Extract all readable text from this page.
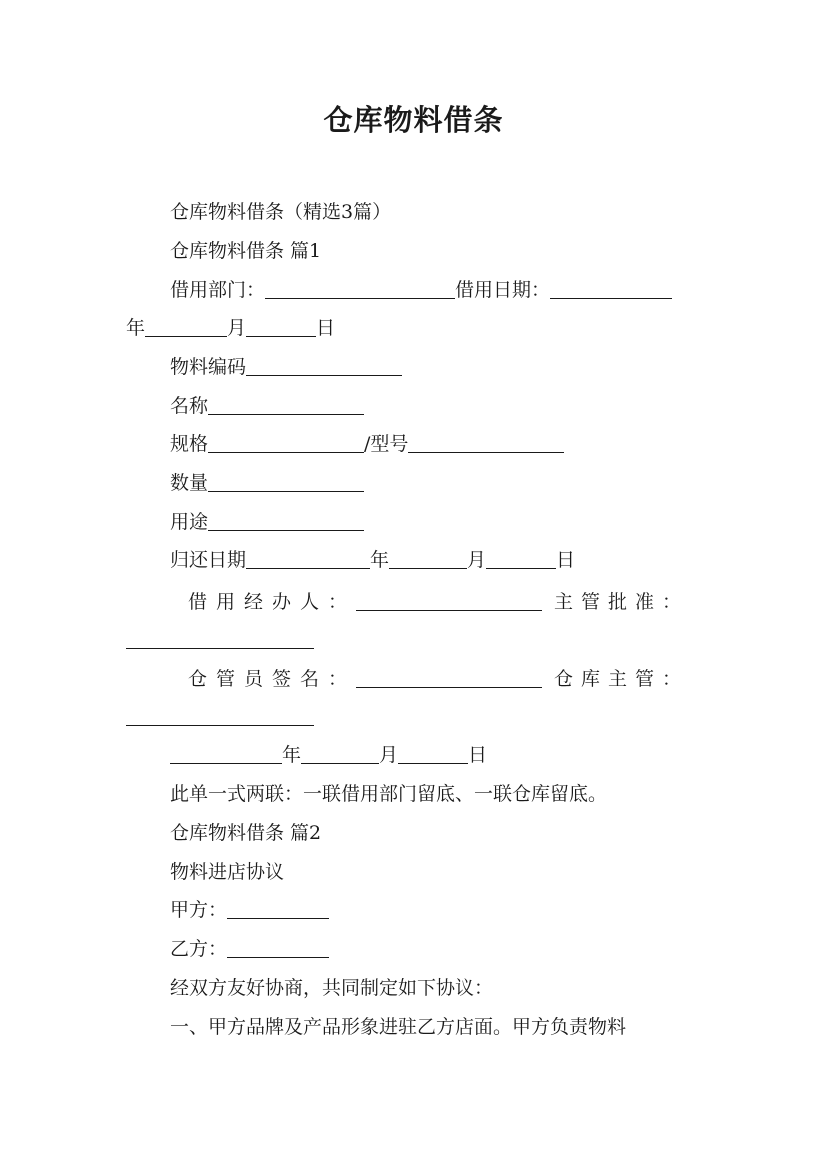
仓库物料借条
仓库物料借条（精选3篇）
仓库物料借条 篇1
借用部门：	借用日期：
年	月	日
物料编码
名称
规格	/型号
数量
用途
归还日期	年	月	日
借用经办人：	主管批准：
仓管员签名：	仓库主管：
年	月	日
此单一式两联：一联借用部门留底、一联仓库留底。
仓库物料借条 篇2
物料进店协议
甲方：
乙方：
经双方友好协商，共同制定如下协议：
一、甲方品牌及产品形象进驻乙方店面。甲方负责物料
